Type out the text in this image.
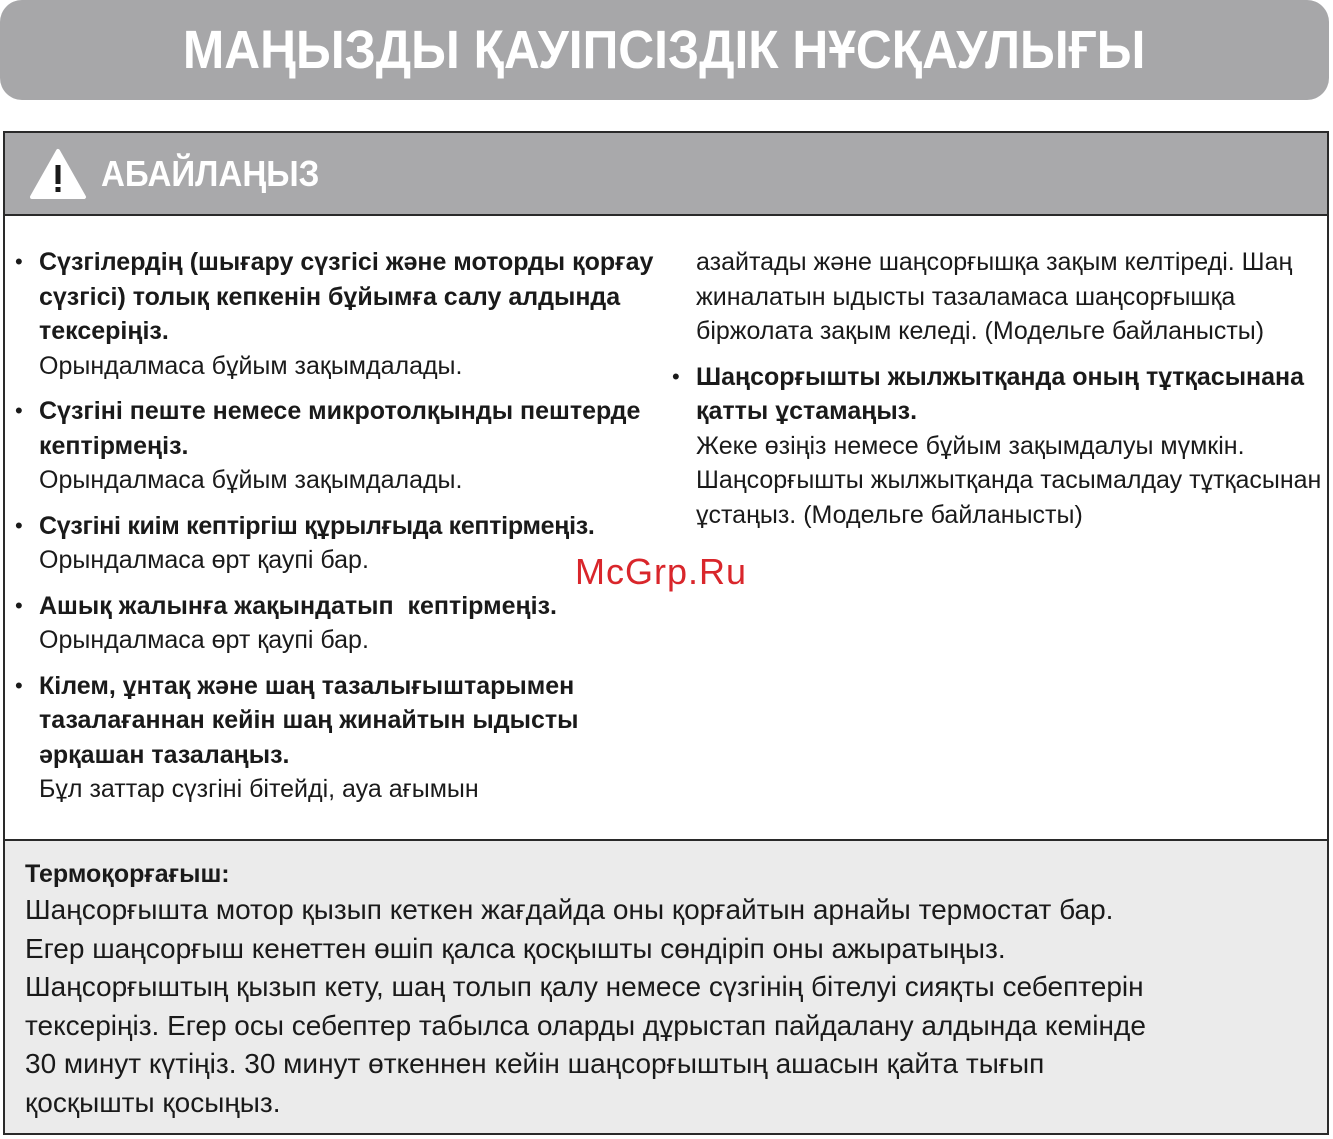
МАҢЫЗДЫ ҚАУІПСІЗДІК НҰСҚАУЛЫҒЫ
АБАЙЛАҢЫЗ
• Сүзгілердің (шығару сүзгісі және моторды қорғау сүзгісі) толық кепкенін бұйымға салу алдында тексеріңіз.
Орындалмаса бұйым зақымдалады.
• Сүзгіні пеште немесе микротолқынды пештерде кептірмеңіз.
Орындалмаса бұйым зақымдалады.
• Сүзгіні киім кептіргіш құрылғыда кептірмеңіз.
Орындалмаса өрт қаупі бар.
• Ашық жалынға жақындатып  кептірмеңіз.
Орындалмаса өрт қаупі бар.
• Кілем, ұнтақ және шаң тазалығыштарымен тазалағаннан кейін шаң жинайтын ыдысты әрқашан тазалаңыз.
Бұл заттар сүзгіні бітейді, ауа ағымын
азайтады және шаңсорғышқа зақым келтіреді. Шаң жиналатын ыдысты тазаламаса шаңсорғышқа біржолата зақым келеді. (Модельге байланысты)
• Шаңсорғышты жылжытқанда оның тұтқасынана қатты ұстамаңыз.
Жеке өзіңіз немесе бұйым зақымдалуы мүмкін.
Шаңсорғышты жылжытқанда тасымалдау тұтқасынан ұстаңыз. (Модельге байланысты)
Термоқорғағыш:
Шаңсорғышта мотор қызып кеткен жағдайда оны қорғайтын арнайы термостат бар.
Егер шаңсорғыш кенеттен өшіп қалса қосқышты сөндіріп оны ажыратыңыз.
Шаңсорғыштың қызып кету, шаң толып қалу немесе сүзгінің бітелуі сияқты себептерін
тексеріңіз. Егер осы себептер табылса оларды дұрыстап пайдалану алдында кемінде
30 минут күтіңіз. 30 минут өткеннен кейін шаңсорғыштың ашасын қайта тығып
қосқышты қосыңыз.
McGrp.Ru
